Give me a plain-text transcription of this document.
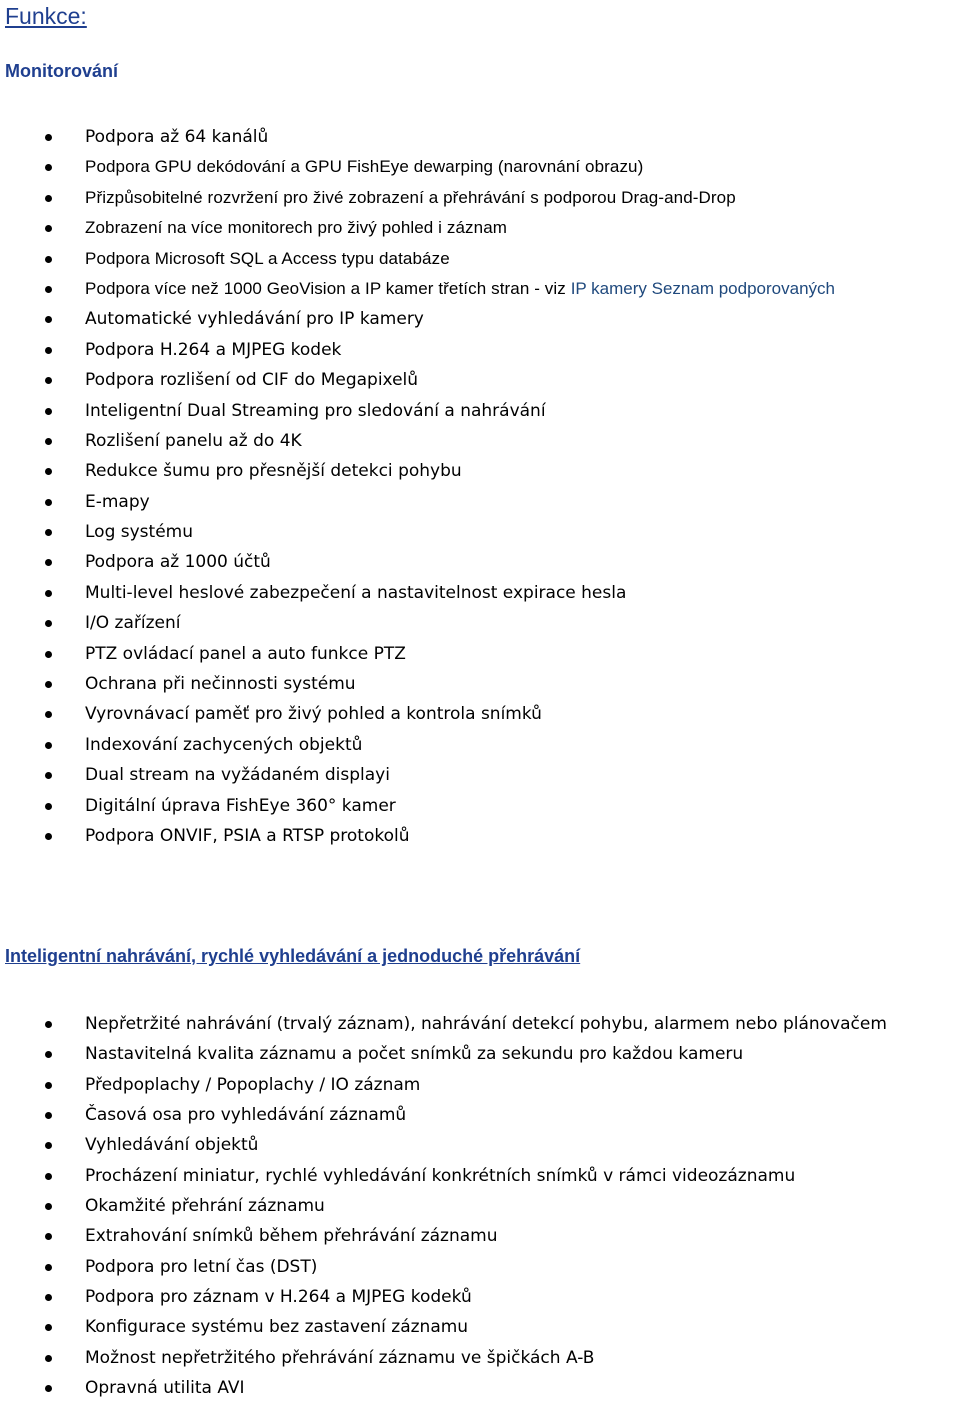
Funkce:
Monitorování
Podpora až 64 kanálů
Podpora GPU dekódování a GPU FishEye dewarping (narovnání obrazu)
Přizpůsobitelné rozvržení pro živé zobrazení a přehrávání s podporou Drag-and-Drop
Zobrazení na více monitorech pro živý pohled i záznam
Podpora Microsoft SQL a Access typu databáze
Podpora více než 1000 GeoVision a IP kamer třetích stran - viz IP kamery Seznam podporovaných
Automatické vyhledávání pro IP kamery
Podpora H.264 a MJPEG kodek
Podpora rozlišení od CIF do Megapixelů
Inteligentní Dual Streaming pro sledování a nahrávání
Rozlišení panelu až do 4K
Redukce šumu pro přesnější detekci pohybu
E-mapy
Log systému
Podpora až 1000 účtů
Multi-level heslové zabezpečení a nastavitelnost expirace hesla
I/O zařízení
PTZ ovládací panel a auto funkce PTZ
Ochrana při nečinnosti systému
Vyrovnávací paměť pro živý pohled a kontrola snímků
Indexování zachycených objektů
Dual stream na vyžádaném displayi
Digitální úprava FishEye 360° kamer
Podpora ONVIF, PSIA a RTSP protokolů
Inteligentní nahrávání, rychlé vyhledávání a jednoduché přehrávání
Nepřetržité nahrávání (trvalý záznam), nahrávání detekcí pohybu, alarmem nebo plánovačem
Nastavitelná kvalita záznamu a počet snímků za sekundu pro každou kameru
Předpoplachy / Popoplachy / IO záznam
Časová osa pro vyhledávání záznamů
Vyhledávání objektů
Procházení miniatur, rychlé vyhledávání konkrétních snímků v rámci videozáznamu
Okamžité přehrání záznamu
Extrahování snímků během přehrávání záznamu
Podpora pro letní čas (DST)
Podpora pro záznam v H.264 a MJPEG kodeků
Konfigurace systému bez zastavení záznamu
Možnost nepřetržitého přehrávání záznamu ve špičkách A-B
Opravná utilita AVI
